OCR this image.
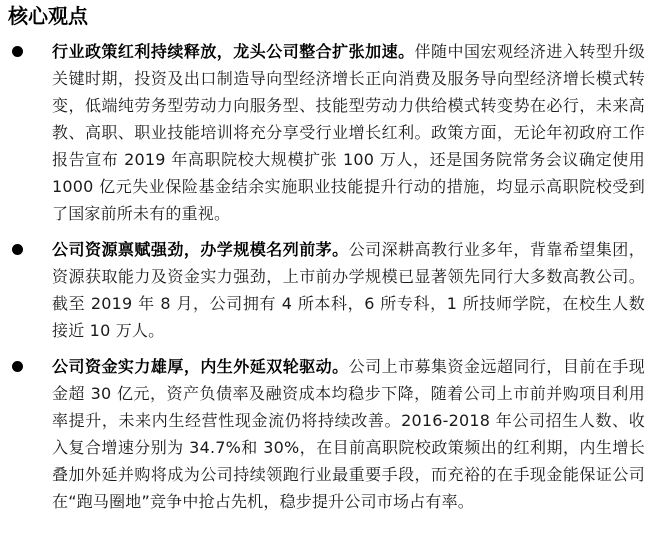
核心观点
行业政策红利持续释放，龙头公司整合扩张加速。伴随中国宏观经济进入转型升级关键时期，投资及出口制造导向型经济增长正向消费及服务导向型经济增长模式转变，低端纯劳务型劳动力向服务型、技能型劳动力供给模式转变势在必行，未来高教、高职、职业技能培训将充分享受行业增长红利。政策方面，无论年初政府工作报告宣布 2019 年高职院校大规模扩张 100 万人，还是国务院常务会议确定使用 1000 亿元失业保险基金结余实施职业技能提升行动的措施，均显示高职院校受到了国家前所未有的重视。
公司资源禀赋强劲，办学规模名列前茅。公司深耕高教行业多年，背靠希望集团，资源获取能力及资金实力强劲，上市前办学规模已显著领先同行大多数高教公司。截至 2019 年 8 月，公司拥有 4 所本科，6 所专科，1 所技师学院，在校生人数接近 10 万人。
公司资金实力雄厚，内生外延双轮驱动。公司上市募集资金远超同行，目前在手现金超 30 亿元，资产负债率及融资成本均稳步下降，随着公司上市前并购项目利用率提升，未来内生经营性现金流仍将持续改善。2016-2018 年公司招生人数、收入复合增速分别为 34.7%和 30%，在目前高职院校政策频出的红利期，内生增长叠加外延并购将成为公司持续领跑行业最重要手段，而充裕的在手现金能保证公司在“跑马圈地”竞争中抢占先机，稳步提升公司市场占有率。
